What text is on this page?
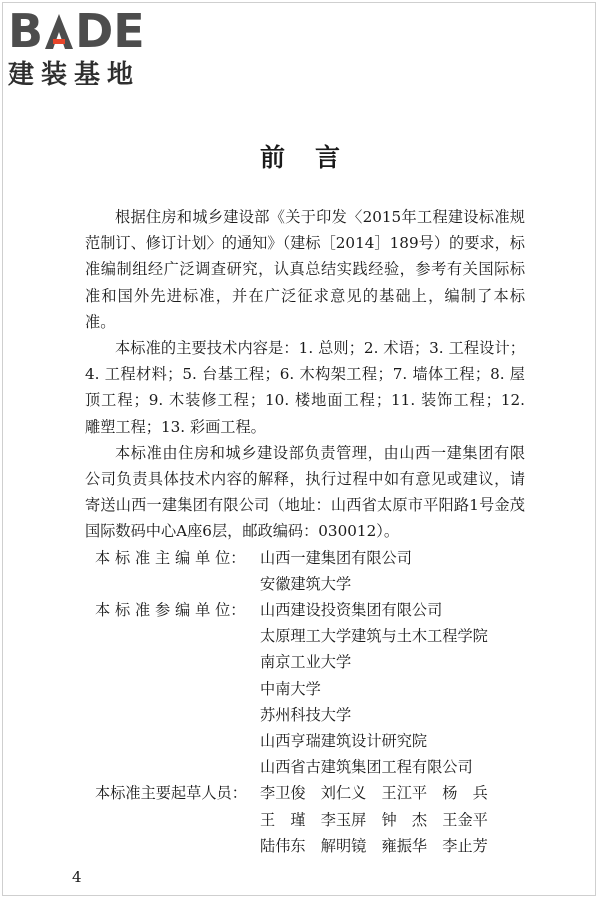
B DE
建装基地
前言

根据住房和城乡建设部《关于印发〈2015年工程建设标准规范制订、修订计划〉的通知》（建标［2014］189号）的要求，标准编制组经广泛调查研究，认真总结实践经验，参考有关国际标准和国外先进标准，并在广泛征求意见的基础上，编制了本标准。

本标准的主要技术内容是：1. 总则；2. 术语；3. 工程设计；4. 工程材料；5. 台基工程；6. 木构架工程；7. 墙体工程；8. 屋顶工程；9. 木装修工程；10. 楼地面工程；11. 装饰工程；12. 雕塑工程；13. 彩画工程。

本标准由住房和城乡建设部负责管理，由山西一建集团有限公司负责具体技术内容的解释，执行过程中如有意见或建议，请寄送山西一建集团有限公司（地址：山西省太原市平阳路1号金茂国际数码中心A座6层，邮政编码：030012）。

本 标 准 主 编 单 位： 山西一建集团有限公司
安徽建筑大学
本 标 准 参 编 单 位： 山西建设投资集团有限公司
太原理工大学建筑与土木工程学院
南京工业大学
中南大学
苏州科技大学
山西亨瑞建筑设计研究院
山西省古建筑集团工程有限公司
本标准主要起草人员： 李卫俊　刘仁义　王江平　杨　兵
王　瑾　李玉屏　钟　杰　王金平
陆伟东　解明镜　雍振华　李止芳
4
